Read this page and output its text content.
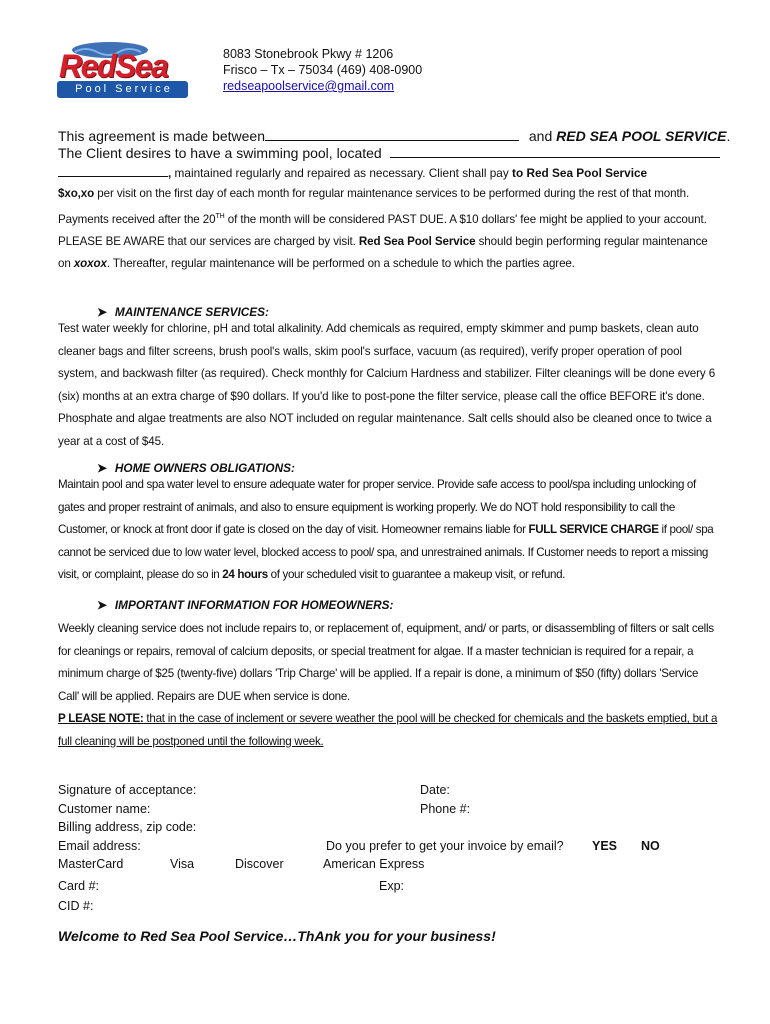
RedSea
Pool Service
8083 Stonebrook Pkwy # 1206
Frisco – Tx – 75034 (469) 408-0900
redseapoolservice@gmail.com
This agreement is made between	and RED SEA POOL SERVICE.
The Client desires to have a swimming pool, located
, maintained regularly and repaired as necessary. Client shall pay to Red Sea Pool Service
$xo,xo per visit on the first day of each month for regular maintenance services to be performed during the rest of that month. Payments received after the 20TH of the month will be considered PAST DUE. A $10 dollars' fee might be applied to your account. PLEASE BE AWARE that our services are charged by visit. Red Sea Pool Service should begin performing regular maintenance on xoxox. Thereafter, regular maintenance will be performed on a schedule to which the parties agree.
➤ MAINTENANCE SERVICES:
Test water weekly for chlorine, pH and total alkalinity. Add chemicals as required, empty skimmer and pump baskets, clean auto cleaner bags and filter screens, brush pool's walls, skim pool's surface, vacuum (as required), verify proper operation of pool system, and backwash filter (as required). Check monthly for Calcium Hardness and stabilizer. Filter cleanings will be done every 6 (six) months at an extra charge of $90 dollars. If you'd like to post-pone the filter service, please call the office BEFORE it's done. Phosphate and algae treatments are also NOT included on regular maintenance. Salt cells should also be cleaned once to twice a year at a cost of $45.
➤ HOME OWNERS OBLIGATIONS:
Maintain pool and spa water level to ensure adequate water for proper service. Provide safe access to pool/spa including unlocking of gates and proper restraint of animals, and also to ensure equipment is working properly. We do NOT hold responsibility to call the Customer, or knock at front door if gate is closed on the day of visit. Homeowner remains liable for FULL SERVICE CHARGE if pool/ spa cannot be serviced due to low water level, blocked access to pool/ spa, and unrestrained animals. If Customer needs to report a missing visit, or complaint, please do so in 24 hours of your scheduled visit to guarantee a makeup visit, or refund.
➤ IMPORTANT INFORMATION FOR HOMEOWNERS:
Weekly cleaning service does not include repairs to, or replacement of, equipment, and/ or parts, or disassembling of filters or salt cells for cleanings or repairs, removal of calcium deposits, or special treatment for algae. If a master technician is required for a repair, a minimum charge of $25 (twenty-five) dollars 'Trip Charge' will be applied. If a repair is done, a minimum of $50 (fifty) dollars 'Service Call' will be applied. Repairs are DUE when service is done.
P LEASE NOTE: that in the case of inclement or severe weather the pool will be checked for chemicals and the baskets emptied, but a full cleaning will be postponed until the following week.
Signature of acceptance:	Date:
Customer name:	Phone #:
Billing address, zip code:
Email address:	Do you prefer to get your invoice by email? YES NO
MasterCard	Visa	Discover	American Express
Card #:	Exp:
CID #:
Welcome to Red Sea Pool Service…ThAnk you for your business!
